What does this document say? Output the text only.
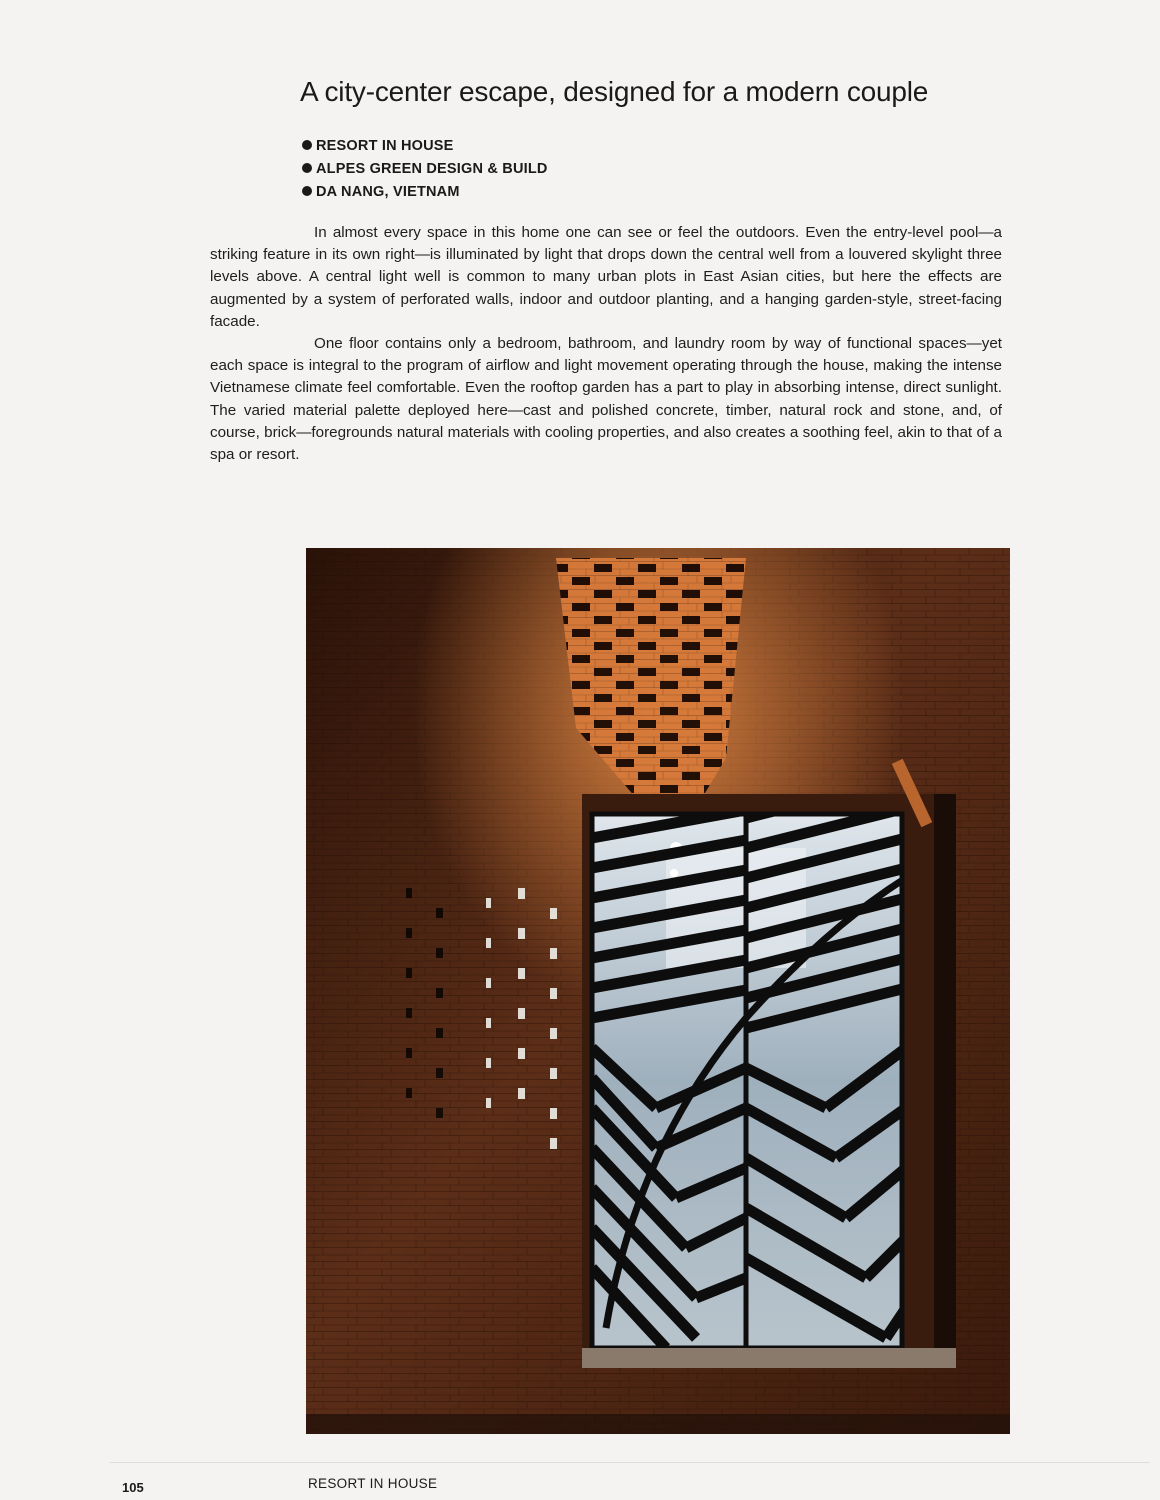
A city-center escape, designed for a modern couple
RESORT IN HOUSE
ALPES GREEN DESIGN & BUILD
DA NANG, VIETNAM

In almost every space in this home one can see or feel the outdoors. Even the entry-level pool—a striking feature in its own right—is illuminated by light that drops down the central well from a louvered skylight three levels above. A central light well is common to many urban plots in East Asian cities, but here the effects are augmented by a system of perforated walls, indoor and outdoor planting, and a hanging garden-style, street-facing facade.

One floor contains only a bedroom, bathroom, and laundry room by way of functional spaces—yet each space is integral to the program of airflow and light movement operating through the house, making the intense Vietnamese climate feel comfortable. Even the rooftop garden has a part to play in absorbing intense, direct sunlight. The varied material palette deployed here—cast and polished concrete, timber, natural rock and stone, and, of course, brick—foregrounds natural materials with cooling properties, and also creates a soothing feel, akin to that of a spa or resort.

105	RESORT IN HOUSE
